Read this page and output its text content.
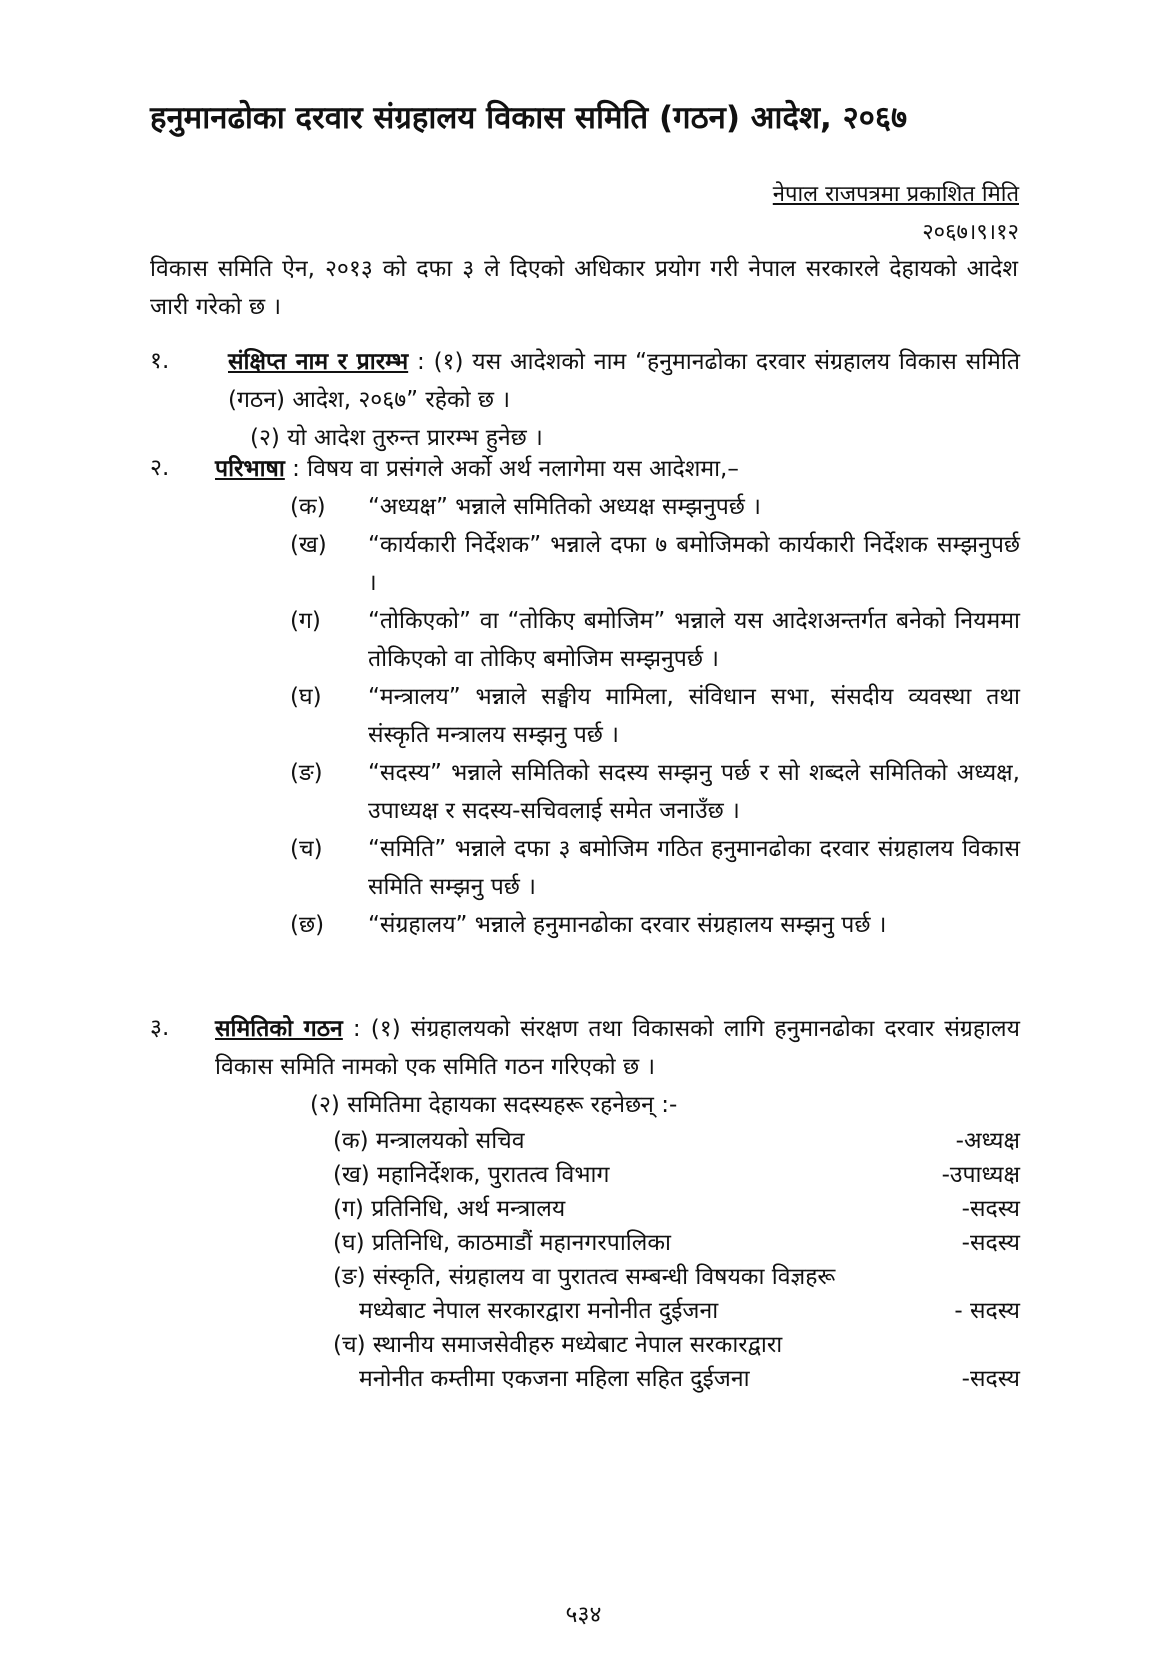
हनुमानढोका दरवार संग्रहालय विकास समिति (गठन) आदेश, २०६७
नेपाल राजपत्रमा प्रकाशित मिति
२०६७।९।१२
विकास समिति ऐन, २०१३ को दफा ३ ले दिएको अधिकार प्रयोग गरी नेपाल सरकारले देहायको आदेश जारी गरेको छ ।
१.	संक्षिप्त नाम र प्रारम्भ : (१) यस आदेशको नाम “हनुमानढोका दरवार संग्रहालय विकास समिति (गठन) आदेश, २०६७” रहेको छ ।
(२) यो आदेश तुरुन्त प्रारम्भ हुनेछ ।
२.	परिभाषा : विषय वा प्रसंगले अर्को अर्थ नलागेमा यस आदेशमा,–
(क) “अध्यक्ष” भन्नाले समितिको अध्यक्ष सम्झनुपर्छ ।
(ख) “कार्यकारी निर्देशक” भन्नाले दफा ७ बमोजिमको कार्यकारी निर्देशक सम्झनुपर्छ ।
(ग) “तोकिएको” वा “तोकिए बमोजिम” भन्नाले यस आदेशअन्तर्गत बनेको नियममा तोकिएको वा तोकिए बमोजिम सम्झनुपर्छ ।
(घ) “मन्त्रालय” भन्नाले सङ्घीय मामिला, संविधान सभा, संसदीय व्यवस्था तथा संस्कृति मन्त्रालय सम्झनु पर्छ ।
(ङ) “सदस्य” भन्नाले समितिको सदस्य सम्झनु पर्छ र सो शब्दले समितिको अध्यक्ष, उपाध्यक्ष र सदस्य-सचिवलाई समेत जनाउँछ ।
(च) “समिति” भन्नाले दफा ३ बमोजिम गठित हनुमानढोका दरवार संग्रहालय विकास समिति सम्झनु पर्छ ।
(छ) “संग्रहालय” भन्नाले हनुमानढोका दरवार संग्रहालय सम्झनु पर्छ ।
३.	समितिको गठन : (१) संग्रहालयको संरक्षण तथा विकासको लागि हनुमानढोका दरवार संग्रहालय विकास समिति नामको एक समिति गठन गरिएको छ ।
(२) समितिमा देहायका सदस्यहरू रहनेछन् :-
(क) मन्त्रालयको सचिव	-अध्यक्ष
(ख) महानिर्देशक, पुरातत्व विभाग	-उपाध्यक्ष
(ग) प्रतिनिधि, अर्थ मन्त्रालय	-सदस्य
(घ) प्रतिनिधि, काठमाडौं महानगरपालिका	-सदस्य
(ङ) संस्कृति, संग्रहालय वा पुरातत्व सम्बन्धी विषयका विज्ञहरू
मध्येबाट नेपाल सरकारद्वारा मनोनीत दुईजना	- सदस्य
(च) स्थानीय समाजसेवीहरु मध्येबाट नेपाल सरकारद्वारा
मनोनीत कम्तीमा एकजना महिला सहित दुईजना	-सदस्य
५३४
